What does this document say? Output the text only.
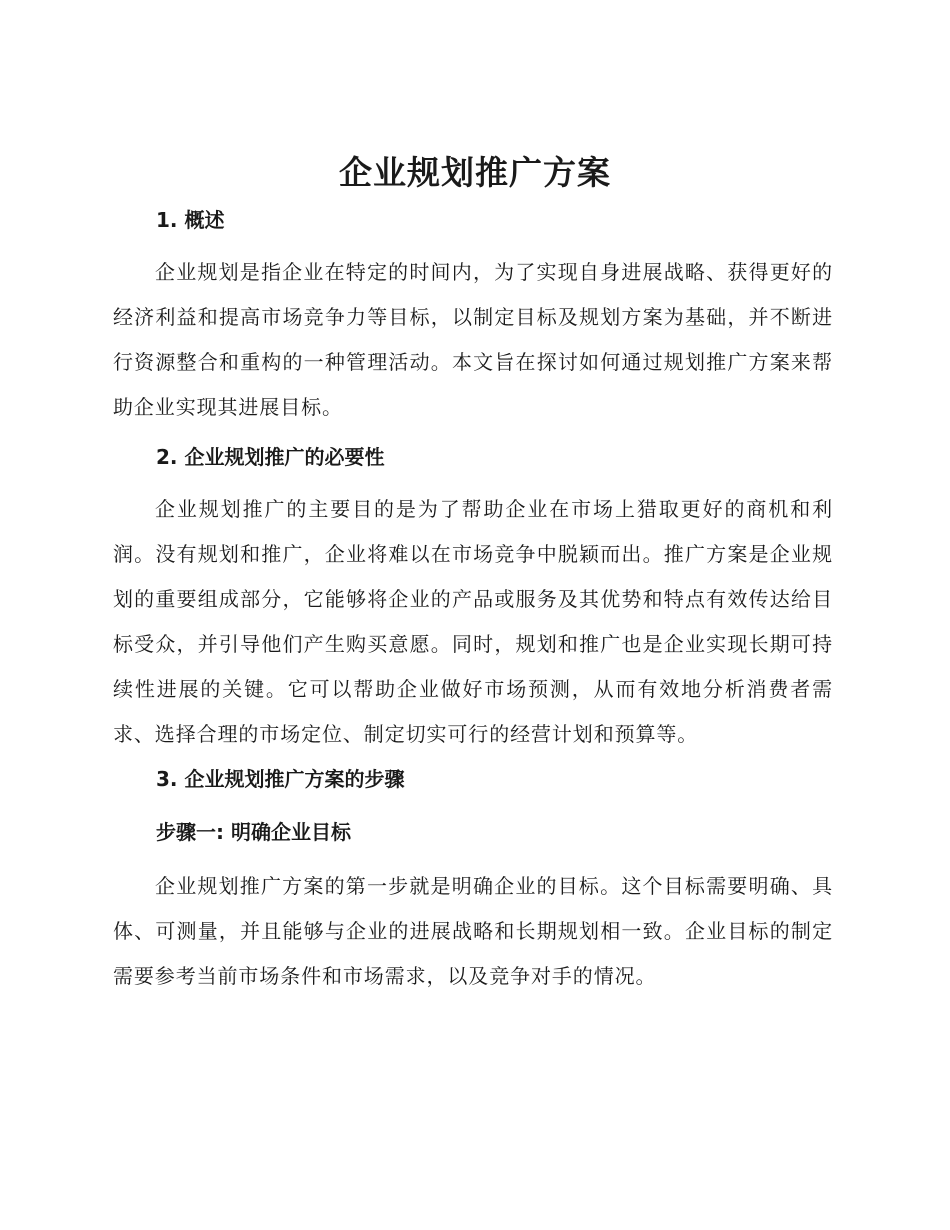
企业规划推广方案
1. 概述

企业规划是指企业在特定的时间内，为了实现自身进展战略、获得更好的经济利益和提高市场竞争力等目标，以制定目标及规划方案为基础，并不断进行资源整合和重构的一种管理活动。本文旨在探讨如何通过规划推广方案来帮助企业实现其进展目标。

2. 企业规划推广的必要性

企业规划推广的主要目的是为了帮助企业在市场上猎取更好的商机和利润。没有规划和推广，企业将难以在市场竞争中脱颖而出。推广方案是企业规划的重要组成部分，它能够将企业的产品或服务及其优势和特点有效传达给目标受众，并引导他们产生购买意愿。同时，规划和推广也是企业实现长期可持续性进展的关键。它可以帮助企业做好市场预测，从而有效地分析消费者需求、选择合理的市场定位、制定切实可行的经营计划和预算等。

3. 企业规划推广方案的步骤
步骤一: 明确企业目标

企业规划推广方案的第一步就是明确企业的目标。这个目标需要明确、具体、可测量，并且能够与企业的进展战略和长期规划相一致。企业目标的制定需要参考当前市场条件和市场需求，以及竞争对手的情况。
